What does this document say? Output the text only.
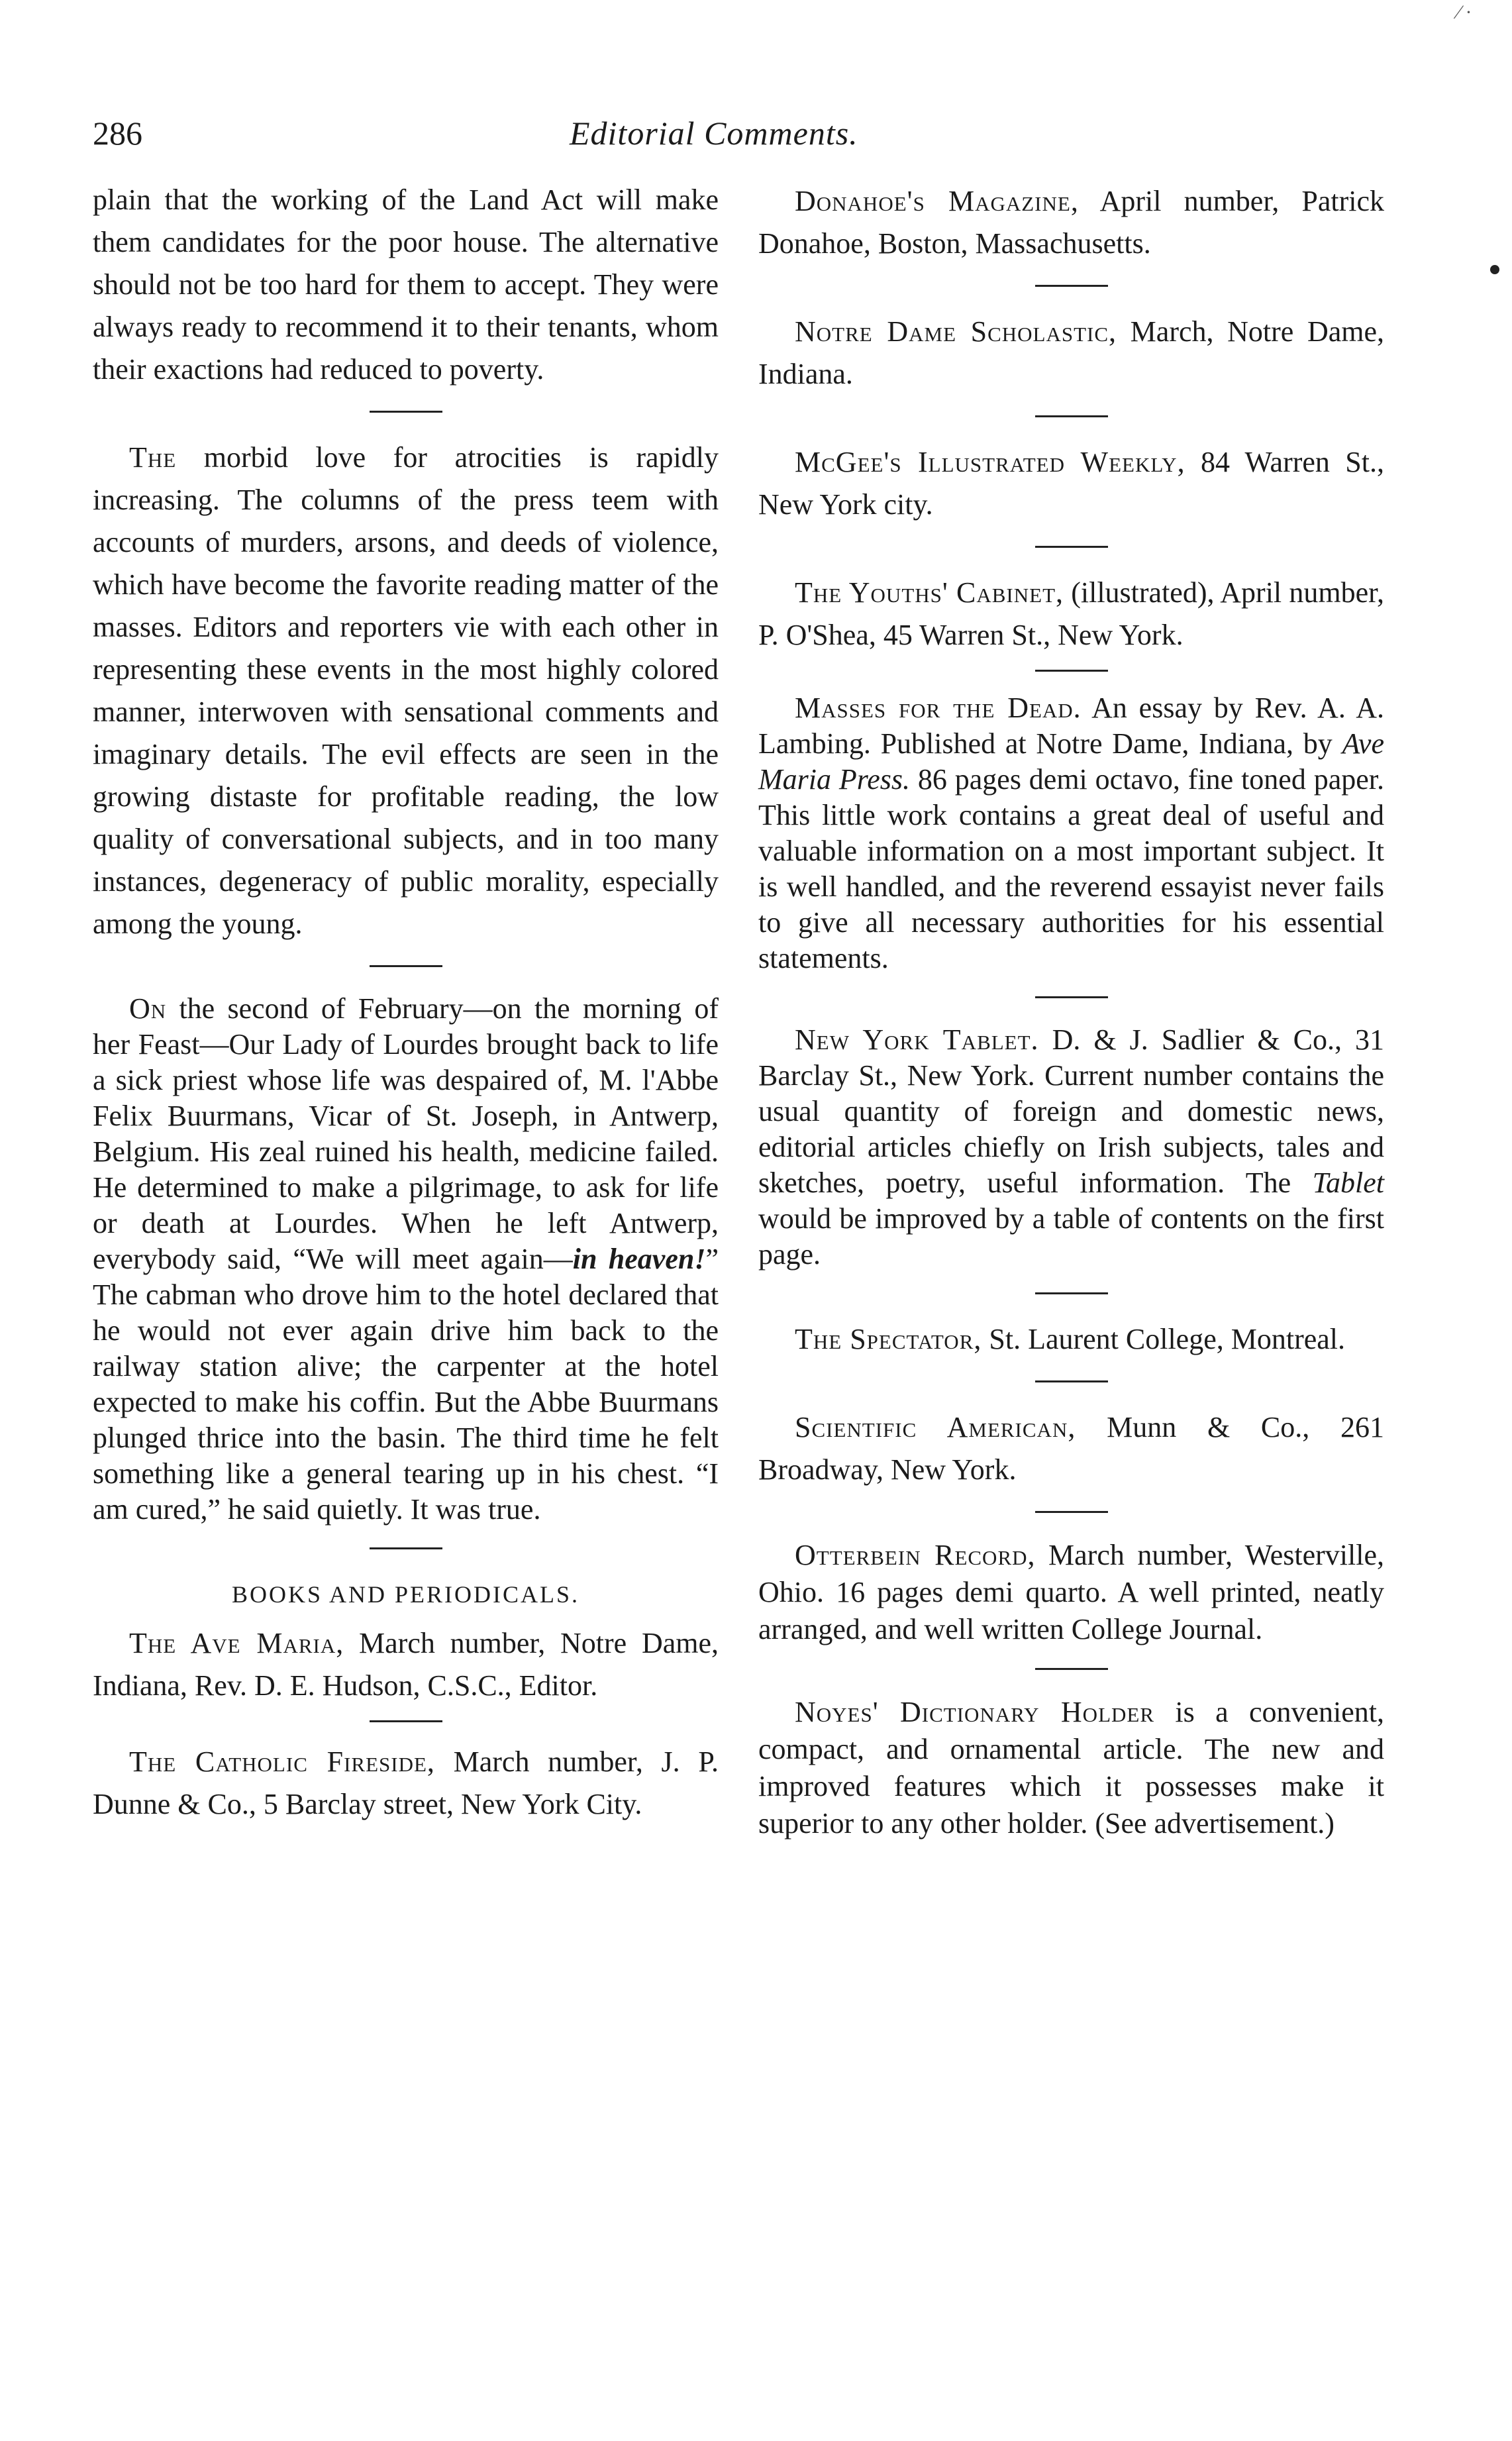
⁄ ·
286	Editorial Comments.

plain that the working of the Land Act will make them candidates for the poor house. The alternative should not be too hard for them to accept. They were always ready to recommend it to their tenants, whom their exactions had reduced to poverty.

The morbid love for atrocities is rapidly increasing. The columns of the press teem with accounts of murders, arsons, and deeds of violence, which have become the favorite reading matter of the masses. Editors and reporters vie with each other in representing these events in the most highly colored manner, interwoven with sensational comments and imaginary details. The evil effects are seen in the growing distaste for profitable reading, the low quality of conversational subjects, and in too many instances, degeneracy of public morality, especially among the young.

On the second of February—on the morning of her Feast—Our Lady of Lourdes brought back to life a sick priest whose life was despaired of, M. l'Abbe Felix Buurmans, Vicar of St. Joseph, in Antwerp, Belgium. His zeal ruined his health, medicine failed. He determined to make a pilgrimage, to ask for life or death at Lourdes. When he left Antwerp, everybody said, “We will meet again—in heaven!” The cabman who drove him to the hotel declared that he would not ever again drive him back to the railway station alive; the carpenter at the hotel expected to make his coffin. But the Abbe Buurmans plunged thrice into the basin. The third time he felt something like a general tearing up in his chest. “I am cured,” he said quietly. It was true.

BOOKS AND PERIODICALS.

The Ave Maria, March number, Notre Dame, Indiana, Rev. D. E. Hudson, C.S.C., Editor.

The Catholic Fireside, March number, J. P. Dunne & Co., 5 Barclay street, New York City.

Donahoe's Magazine, April number, Patrick Donahoe, Boston, Massachusetts.

Notre Dame Scholastic, March, Notre Dame, Indiana.

McGee's Illustrated Weekly, 84 Warren St., New York city.

The Youths' Cabinet, (illustrated), April number, P. O'Shea, 45 Warren St., New York.

Masses for the Dead. An essay by Rev. A. A. Lambing. Published at Notre Dame, Indiana, by Ave Maria Press. 86 pages demi octavo, fine toned paper. This little work contains a great deal of useful and valuable information on a most important subject. It is well handled, and the reverend essayist never fails to give all necessary authorities for his essential statements.

New York Tablet. D. & J. Sadlier & Co., 31 Barclay St., New York. Current number contains the usual quantity of foreign and domestic news, editorial articles chiefly on Irish subjects, tales and sketches, poetry, useful information. The Tablet would be improved by a table of contents on the first page.

The Spectator, St. Laurent College, Montreal.

Scientific American, Munn & Co., 261 Broadway, New York.

Otterbein Record, March number, Westerville, Ohio. 16 pages demi quarto. A well printed, neatly arranged, and well written College Journal.

Noyes' Dictionary Holder is a convenient, compact, and ornamental article. The new and improved features which it possesses make it superior to any other holder. (See advertisement.)
